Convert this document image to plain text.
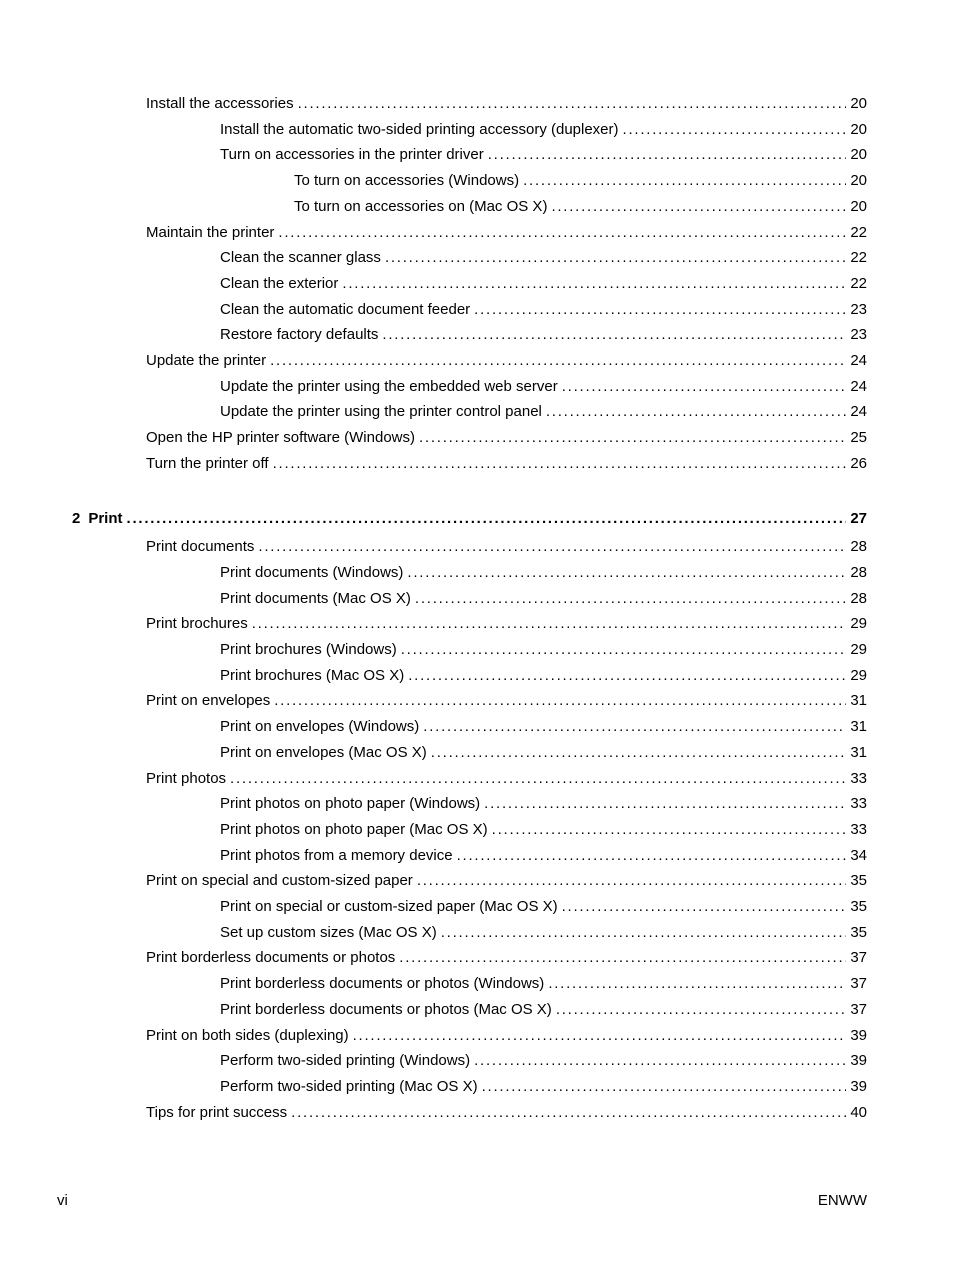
Install the accessories . . .	20
Install the automatic two-sided printing accessory (duplexer) . . .	20
Turn on accessories in the printer driver . . .	20
To turn on accessories (Windows) . . .	20
To turn on accessories on (Mac OS X) . . .	20
Maintain the printer . . .	22
Clean the scanner glass . . .	22
Clean the exterior . . .	22
Clean the automatic document feeder . . .	23
Restore factory defaults . . .	23
Update the printer . . .	24
Update the printer using the embedded web server . . .	24
Update the printer using the printer control panel . . .	24
Open the HP printer software (Windows) . . .	25
Turn the printer off . . .	26
2 Print . . .	27
Print documents . . .	28
Print documents (Windows) . . .	28
Print documents (Mac OS X) . . .	28
Print brochures . . .	29
Print brochures (Windows) . . .	29
Print brochures (Mac OS X) . . .	29
Print on envelopes . . .	31
Print on envelopes (Windows) . . .	31
Print on envelopes (Mac OS X) . . .	31
Print photos . . .	33
Print photos on photo paper (Windows) . . .	33
Print photos on photo paper (Mac OS X) . . .	33
Print photos from a memory device . . .	34
Print on special and custom-sized paper . . .	35
Print on special or custom-sized paper (Mac OS X) . . .	35
Set up custom sizes (Mac OS X) . . .	35
Print borderless documents or photos . . .	37
Print borderless documents or photos (Windows) . . .	37
Print borderless documents or photos (Mac OS X) . . .	37
Print on both sides (duplexing) . . .	39
Perform two-sided printing (Windows) . . .	39
Perform two-sided printing (Mac OS X) . . .	39
Tips for print success . . .	40
vi	ENWW
